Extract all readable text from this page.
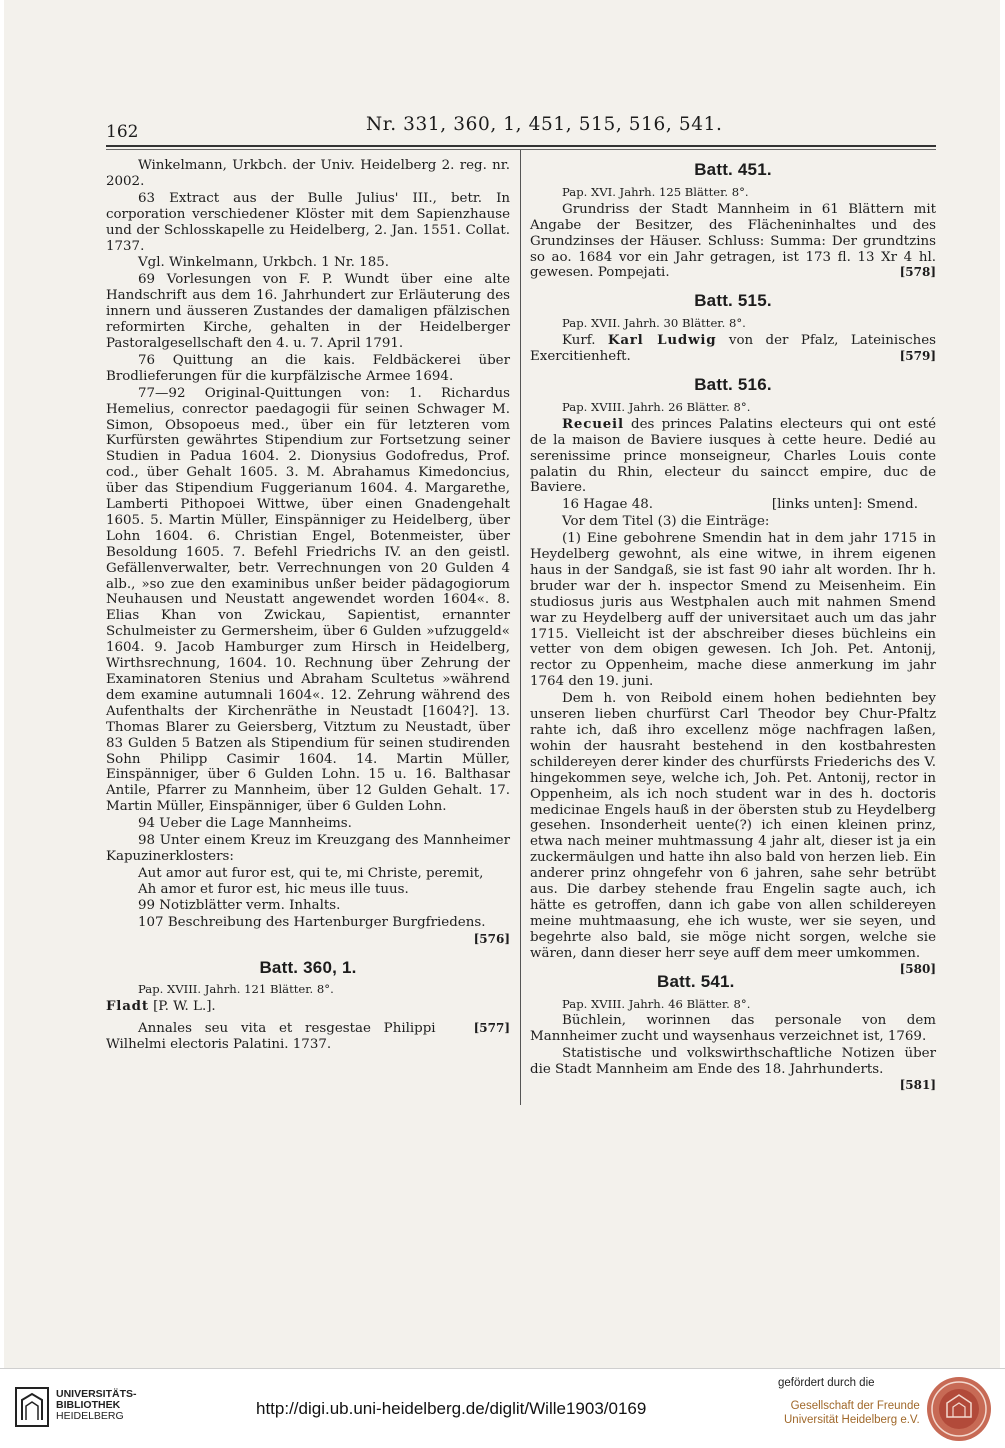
162	Nr. 331, 360, 1, 451, 515, 516, 541.

Winkelmann, Urkbch. der Univ. Heidelberg 2. reg. nr. 2002.

63 Extract aus der Bulle Julius' III., betr. In corporation verschiedener Klöster mit dem Sapienzhause und der Schlosskapelle zu Heidelberg, 2. Jan. 1551. Collat. 1737.

Vgl. Winkelmann, Urkbch. 1 Nr. 185.

69 Vorlesungen von F. P. Wundt über eine alte Handschrift aus dem 16. Jahrhundert zur Erläuterung des innern und äusseren Zustandes der damaligen pfälzischen reformirten Kirche, gehalten in der Heidelberger Pastoralgesellschaft den 4. u. 7. April 1791.

76 Quittung an die kais. Feldbäckerei über Brodlieferungen für die kurpfälzische Armee 1694.

77—92 Original-Quittungen von: 1. Richardus Hemelius, conrector paedagogii für seinen Schwager M. Simon, Obsopoeus med., über ein für letzteren vom Kurfürsten gewährtes Stipendium zur Fortsetzung seiner Studien in Padua 1604. 2. Dionysius Godofredus, Prof. cod., über Gehalt 1605. 3. M. Abrahamus Kimedoncius, über das Stipendium Fuggerianum 1604. 4. Margarethe, Lamberti Pithopoei Wittwe, über einen Gnadengehalt 1605. 5. Martin Müller, Einspänniger zu Heidelberg, über Lohn 1604. 6. Christian Engel, Botenmeister, über Besoldung 1605. 7. Befehl Friedrichs IV. an den geistl. Gefällenverwalter, betr. Verrechnungen von 20 Gulden 4 alb., »so zue den examinibus unßer beider pädagogiorum Neuhausen und Neustatt angewendet worden 1604«. 8. Elias Khan von Zwickau, Sapientist, ernannter Schulmeister zu Germersheim, über 6 Gulden »ufzuggeld« 1604. 9. Jacob Hamburger zum Hirsch in Heidelberg, Wirthsrechnung, 1604. 10. Rechnung über Zehrung der Examinatoren Stenius und Abraham Scultetus »während dem examine autumnali 1604«. 12. Zehrung während des Aufenthalts der Kirchenräthe in Neustadt [1604?]. 13. Thomas Blarer zu Geiersberg, Vitztum zu Neustadt, über 83 Gulden 5 Batzen als Stipendium für seinen studirenden Sohn Philipp Casimir 1604. 14. Martin Müller, Einspänniger, über 6 Gulden Lohn. 15 u. 16. Balthasar Antile, Pfarrer zu Mannheim, über 12 Gulden Gehalt. 17. Martin Müller, Einspänniger, über 6 Gulden Lohn.

94 Ueber die Lage Mannheims.

98 Unter einem Kreuz im Kreuzgang des Mannheimer Kapuzinerklosters:

Aut amor aut furor est, qui te, mi Christe, peremit,

Ah amor et furor est, hic meus ille tuus.

99 Notizblätter verm. Inhalts.

107 Beschreibung des Hartenburger Burgfriedens.

[576]
Batt. 360, 1.

Pap. XVIII. Jahrh. 121 Blätter. 8°.

Fladt [P. W. L.].

[577]
Annales seu vita et resgestae Philippi Wilhelmi electoris Palatini. 1737.

Batt. 451.

Pap. XVI. Jahrh. 125 Blätter. 8°.

Grundriss der Stadt Mannheim in 61 Blättern mit Angabe der Besitzer, des Flächeninhaltes und des Grundzinses der Häuser. Schluss: Summa: Der grundtzins so ao. 1684 vor ein Jahr getragen, ist 173 fl. 13 Xr 4 hl. gewesen. Pompejati.	[578]

Batt. 515.

Pap. XVII. Jahrh. 30 Blätter. 8°.

Kurf. Karl Ludwig von der Pfalz, Lateinisches Exercitienheft.	[579]

Batt. 516.

Pap. XVIII. Jahrh. 26 Blätter. 8°.

Recueil des princes Palatins electeurs qui ont esté de la maison de Baviere iusques à cette heure. Dedié au serenissime prince monseigneur, Charles Louis conte palatin du Rhin, electeur du saincct empire, duc de Baviere.

16 Hagae 48.	[links unten]: Smend.

Vor dem Titel (3) die Einträge:

(1) Eine gebohrene Smendin hat in dem jahr 1715 in Heydelberg gewohnt, als eine witwe, in ihrem eigenen haus in der Sandgaß, sie ist fast 90 iahr alt worden. Ihr h. bruder war der h. inspector Smend zu Meisenheim. Ein studiosus juris aus Westphalen auch mit nahmen Smend war zu Heydelberg auff der universitaet auch um das jahr 1715. Vielleicht ist der abschreiber dieses büchleins ein vetter von dem obigen gewesen. Ich Joh. Pet. Antonij, rector zu Oppenheim, mache diese anmerkung im jahr 1764 den 19. juni.

Dem h. von Reibold einem hohen bediehnten bey unseren lieben churfürst Carl Theodor bey Chur-Pfaltz rahte ich, daß ihro excellenz möge nachfragen laßen, wohin der hausraht bestehend in den kostbahresten schildereyen derer kinder des churfürsts Friederichs des V. hingekommen seye, welche ich, Joh. Pet. Antonij, rector in Oppenheim, als ich noch student war in des h. doctoris medicinae Engels hauß in der öbersten stub zu Heydelberg gesehen. Insonderheit uente(?) ich einen kleinen prinz, etwa nach meiner muhtmassung 4 jahr alt, dieser ist ja ein zuckermäulgen und hatte ihn also bald von herzen lieb. Ein anderer prinz ohngefehr von 6 jahren, sahe sehr betrübt aus. Die darbey stehende frau Engelin sagte auch, ich hätte es getroffen, dann ich gabe von allen schildereyen meine muhtmaasung, ehe ich wuste, wer sie seyen, und begehrte also bald, sie möge nicht sorgen, welche sie wären, dann dieser herr seye auff dem meer umkommen.
[580]

Batt. 541.

Pap. XVIII. Jahrh. 46 Blätter. 8°.

Büchlein, worinnen das personale von dem Mannheimer zucht und waysenhaus verzeichnet ist, 1769.

Statistische und volkswirthschaftliche Notizen über die Stadt Mannheim am Ende des 18. Jahrhunderts.
[581]

UNIVERSITÄTS-
BIBLIOTHEK
HEIDELBERG	http://digi.ub.uni-heidelberg.de/diglit/Wille1903/0169
gefördert durch die
Gesellschaft der Freunde
Universität Heidelberg e.V.
